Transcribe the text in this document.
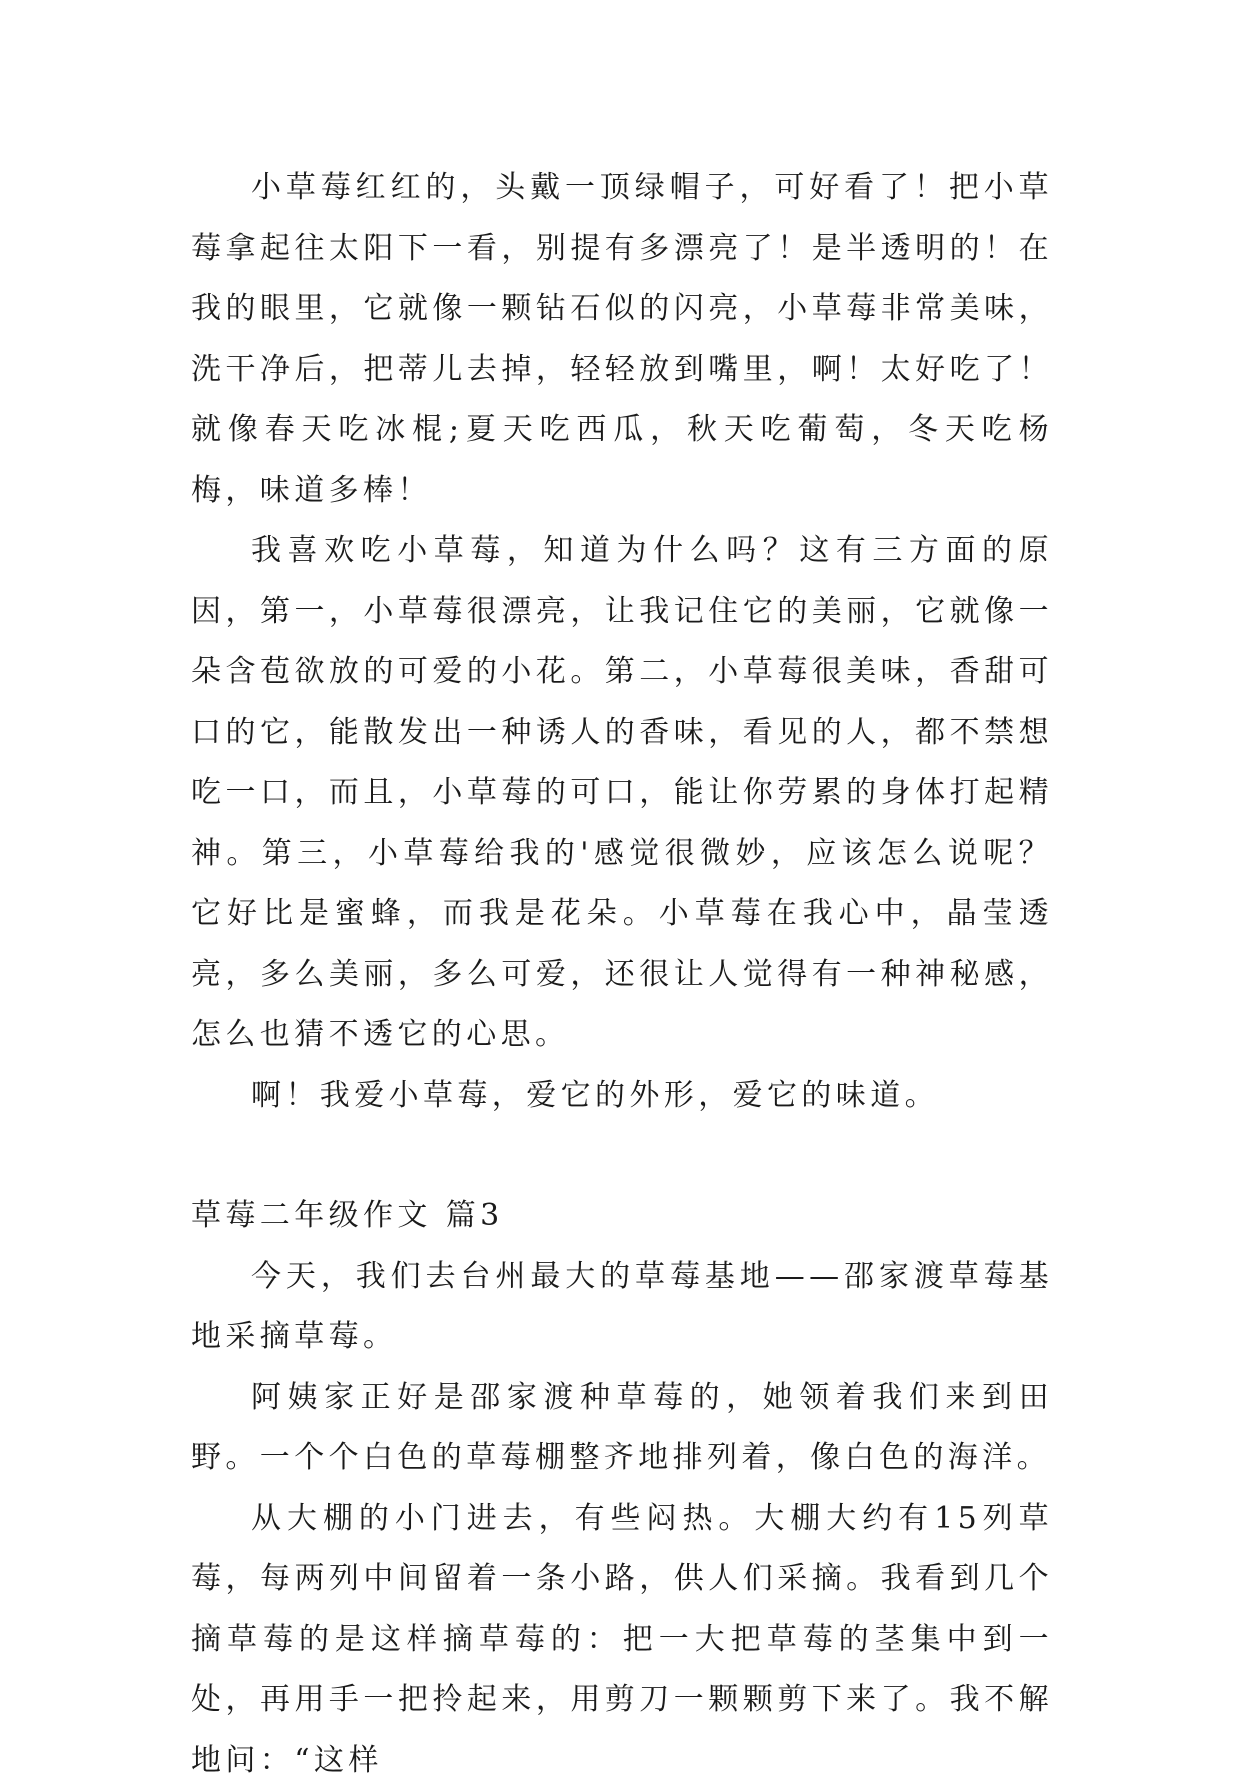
小草莓红红的，头戴一顶绿帽子，可好看了！把小草莓拿起往太阳下一看，别提有多漂亮了！是半透明的！在我的眼里，它就像一颗钻石似的闪亮，小草莓非常美味，洗干净后，把蒂儿去掉，轻轻放到嘴里，啊！太好吃了！就像春天吃冰棍;夏天吃西瓜，秋天吃葡萄，冬天吃杨梅，味道多棒！

我喜欢吃小草莓，知道为什么吗？这有三方面的原因，第一，小草莓很漂亮，让我记住它的美丽，它就像一朵含苞欲放的可爱的小花。第二，小草莓很美味，香甜可口的它，能散发出一种诱人的香味，看见的人，都不禁想吃一口，而且，小草莓的可口，能让你劳累的身体打起精神。第三，小草莓给我的'感觉很微妙，应该怎么说呢？它好比是蜜蜂，而我是花朵。小草莓在我心中，晶莹透亮，多么美丽，多么可爱，还很让人觉得有一种神秘感，怎么也猜不透它的心思。

啊！我爱小草莓，爱它的外形，爱它的味道。

草莓二年级作文 篇3

今天，我们去台州最大的草莓基地——邵家渡草莓基地采摘草莓。

阿姨家正好是邵家渡种草莓的，她领着我们来到田野。一个个白色的草莓棚整齐地排列着，像白色的海洋。

从大棚的小门进去，有些闷热。大棚大约有15列草莓，每两列中间留着一条小路，供人们采摘。我看到几个摘草莓的是这样摘草莓的：把一大把草莓的茎集中到一处，再用手一把拎起来，用剪刀一颗颗剪下来了。我不解地问：“这样
